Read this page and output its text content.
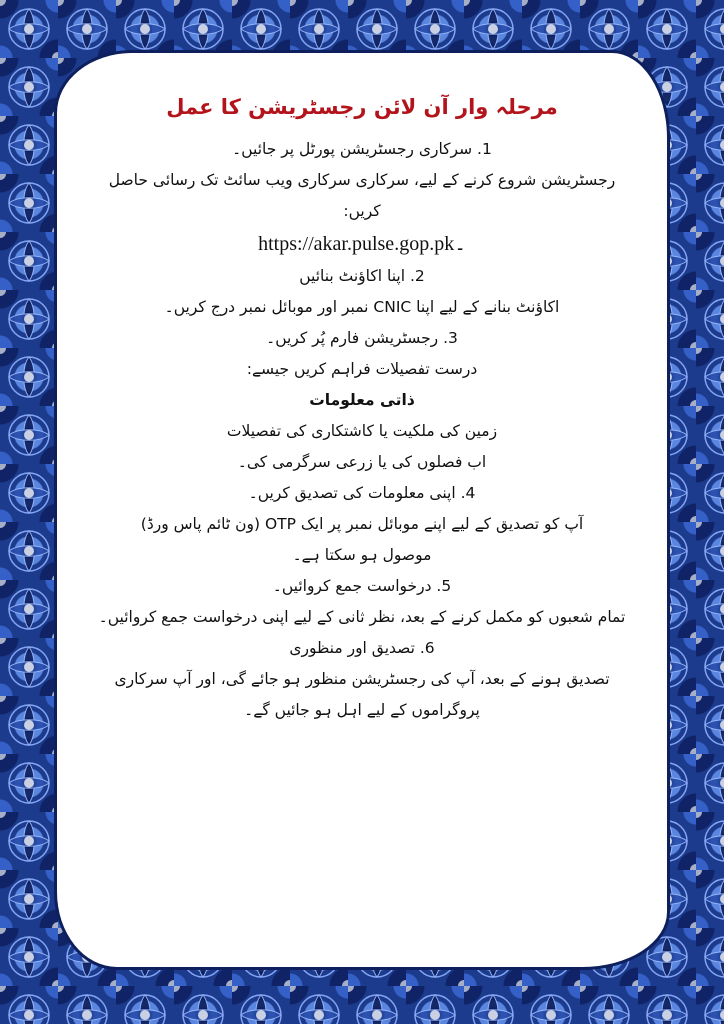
مرحلہ وار آن لائن رجسٹریشن کا عمل
1. سرکاری رجسٹریشن پورٹل پر جائیں۔
رجسٹریشن شروع کرنے کے لیے، سرکاری سرکاری ویب سائٹ تک رسائی حاصل
کریں:
https://akar.pulse.gop.pk۔
2. اپنا اکاؤنٹ بنائیں
اکاؤنٹ بنانے کے لیے اپنا CNIC نمبر اور موبائل نمبر درج کریں۔
3. رجسٹریشن فارم پُر کریں۔
درست تفصیلات فراہم کریں جیسے:
ذاتی معلومات
زمین کی ملکیت یا کاشتکاری کی تفصیلات
اب فصلوں کی یا زرعی سرگرمی کی۔
4. اپنی معلومات کی تصدیق کریں۔
آپ کو تصدیق کے لیے اپنے موبائل نمبر پر ایک OTP (ون ٹائم پاس ورڈ)
موصول ہو سکتا ہے۔
5. درخواست جمع کروائیں۔
تمام شعبوں کو مکمل کرنے کے بعد، نظر ثانی کے لیے اپنی درخواست جمع کروائیں۔
6. تصدیق اور منظوری
تصدیق ہونے کے بعد، آپ کی رجسٹریشن منظور ہو جائے گی، اور آپ سرکاری
پروگراموں کے لیے اہل ہو جائیں گے۔
